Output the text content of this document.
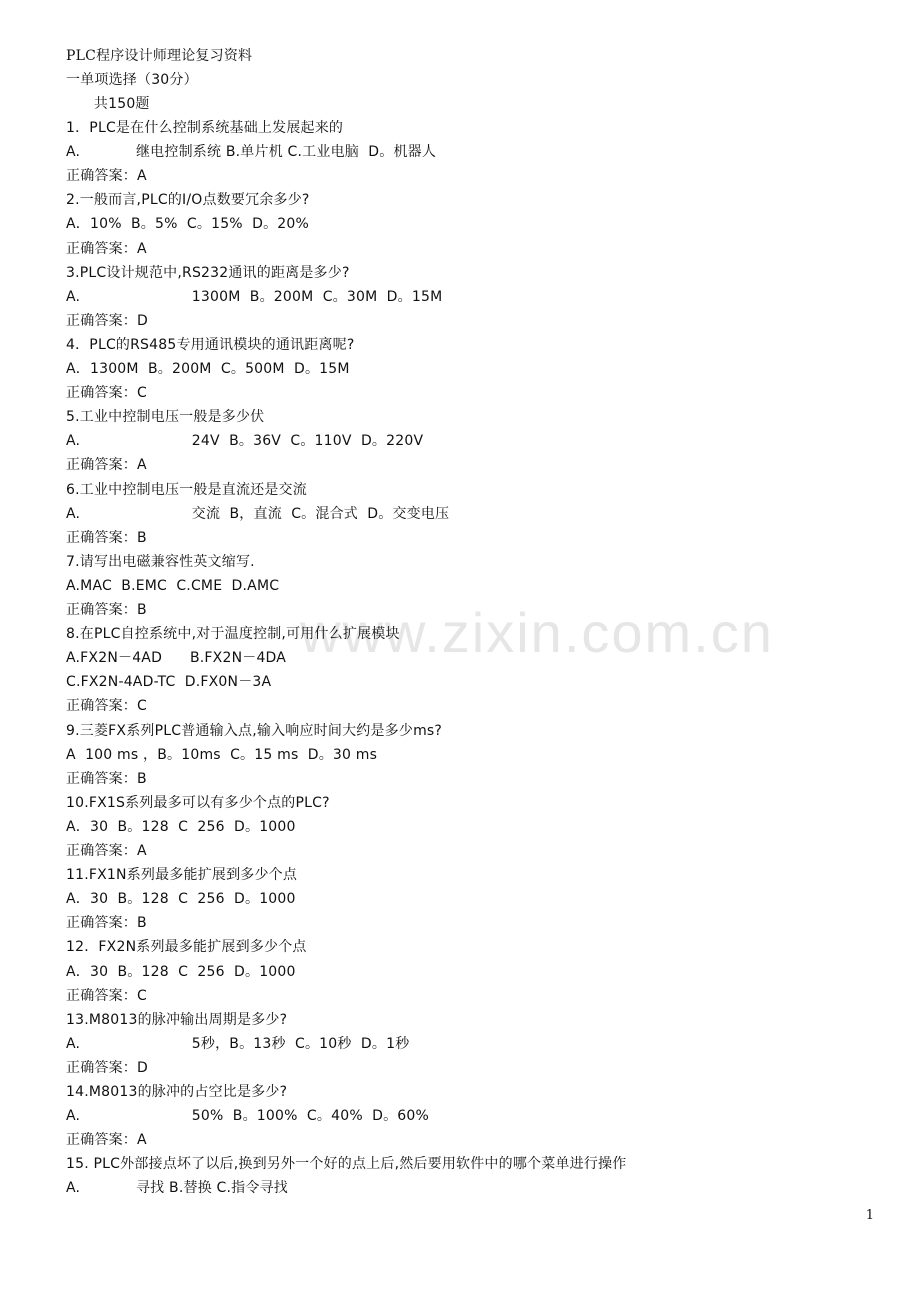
www.zixin.com.cn
PLC程序设计师理论复习资料
一单项选择（30分）
共150题
1．PLC是在什么控制系统基础上发展起来的
A.            继电控制系统 B.单片机 C.工业电脑  D。机器人
正确答案：A
2.一般而言,PLC的I/O点数要冗余多少?
A．10%  B。5%  C。15%  D。20%
正确答案：A
3.PLC设计规范中,RS232通讯的距离是多少?
A.                        1300M  B。200M  C。30M  D。15M
正确答案：D
4．PLC的RS485专用通讯模块的通讯距离呢?
A．1300M  B。200M  C。500M  D。15M
正确答案：C
5.工业中控制电压一般是多少伏
A.                        24V  B。36V  C。110V  D。220V
正确答案：A
6.工业中控制电压一般是直流还是交流
A.                        交流  B，直流  C。混合式  D。交变电压
正确答案：B
7.请写出电磁兼容性英文缩写.
A.MAC  B.EMC  C.CME  D.AMC
正确答案：B
8.在PLC自控系统中,对于温度控制,可用什么扩展模块
A.FX2N－4AD      B.FX2N－4DA
C.FX2N-4AD-TC  D.FX0N－3A
正确答案：C
9.三菱FX系列PLC普通输入点,输入响应时间大约是多少ms?
A  100 ms ，B。10ms  C。15 ms  D。30 ms
正确答案：B
10.FX1S系列最多可以有多少个点的PLC?
A．30  B。128  C  256  D。1000
正确答案：A
11.FX1N系列最多能扩展到多少个点
A．30  B。128  C  256  D。1000
正确答案：B
12．FX2N系列最多能扩展到多少个点
A．30  B。128  C  256  D。1000
正确答案：C
13.M8013的脉冲输出周期是多少?
A.                        5秒，B。13秒  C。10秒  D。1秒
正确答案：D
14.M8013的脉冲的占空比是多少?
A.                        50%  B。100%  C。40%  D。60%
正确答案：A
15. PLC外部接点坏了以后,换到另外一个好的点上后,然后要用软件中的哪个菜单进行操作
A.            寻找 B.替换 C.指令寻找
1
